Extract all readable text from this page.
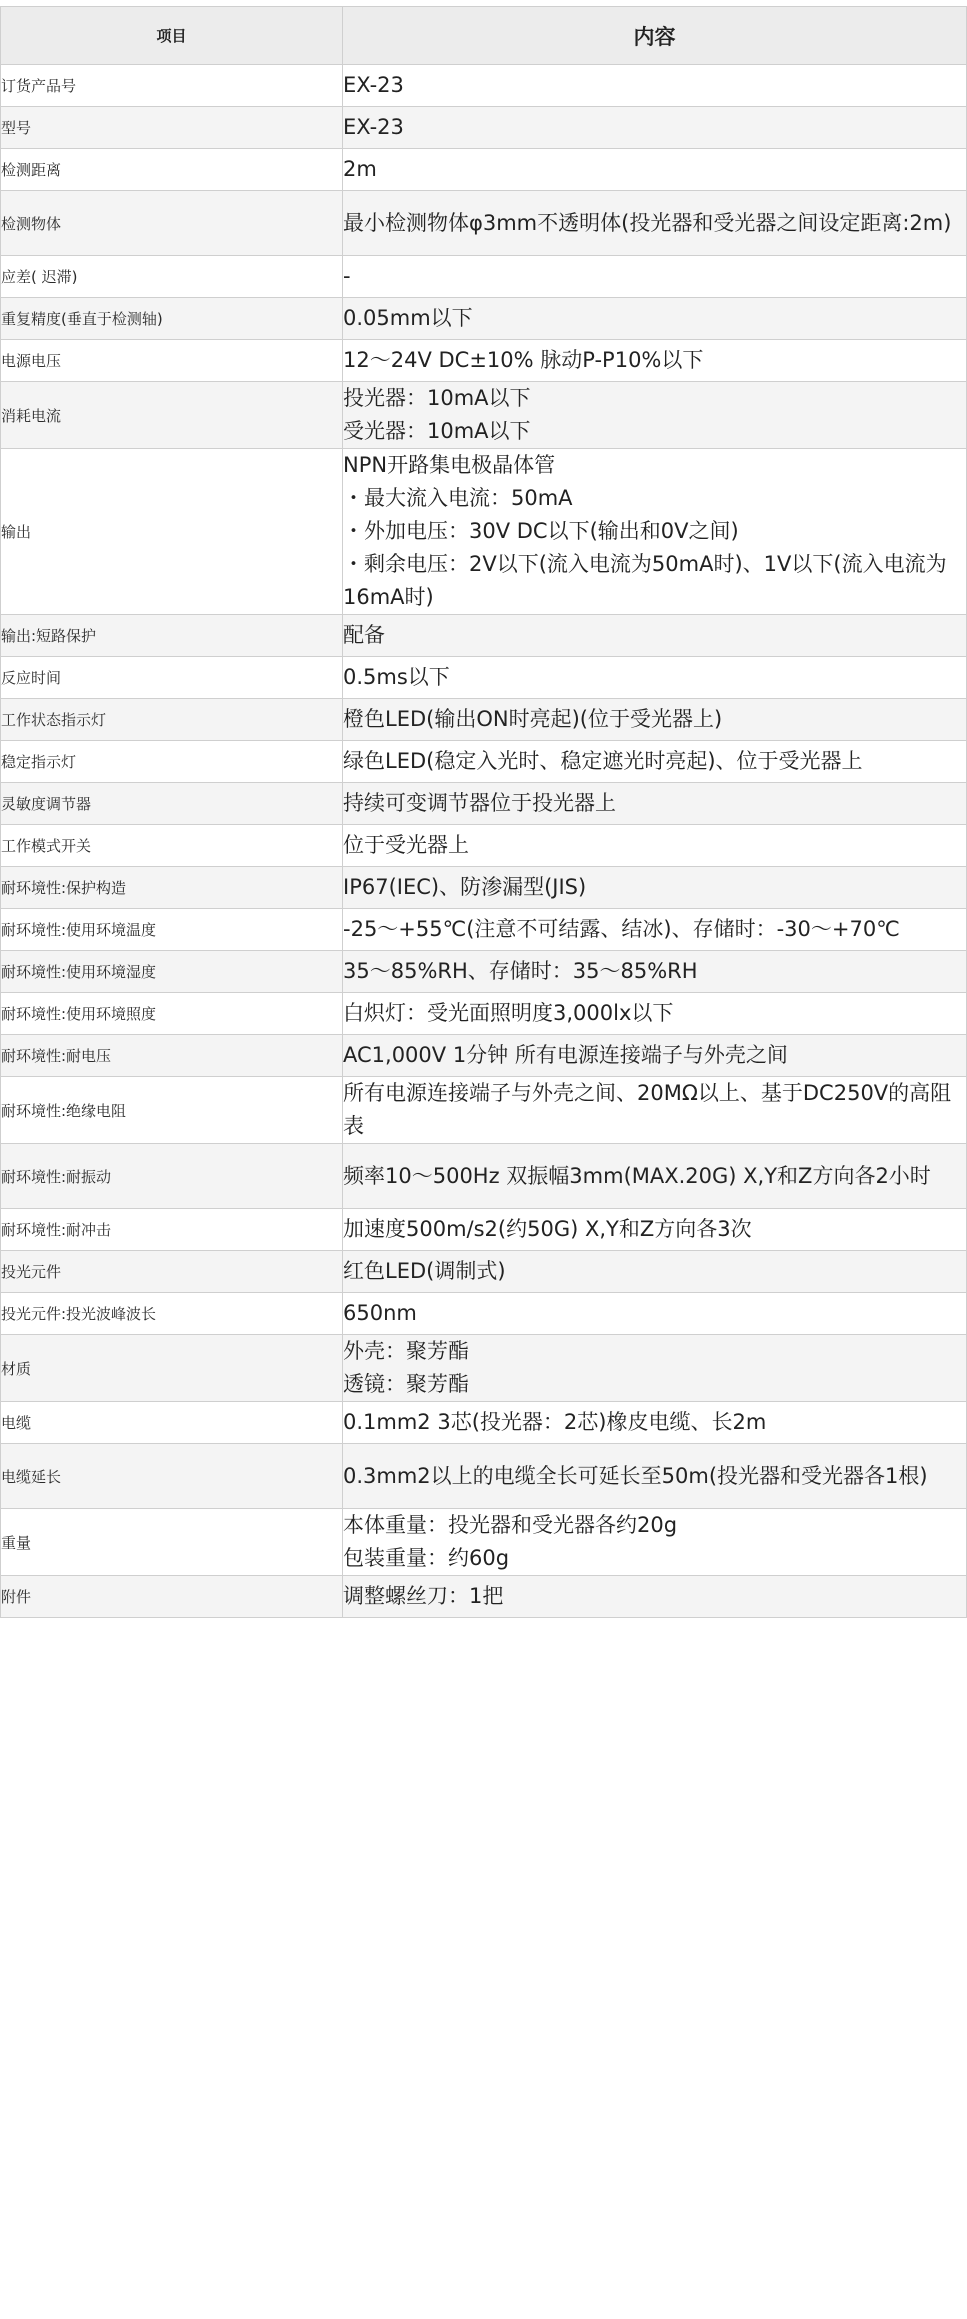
项目	内容
订货产品号	EX-23

型号	EX-23

检测距离	2m

检测物体	最小检测物体φ3mm不透明体(投光器和受光器之间设定距离:2m)

应差( 迟滞)	-

重复精度(垂直于检测轴)	0.05mm以下

电源电压	12～24V DC±10% 脉动P-P10%以下

消耗电流	投光器：10mA以下
受光器：10mA以下

输出	NPN开路集电极晶体管
・最大流入电流：50mA
・外加电压：30V DC以下(输出和0V之间)
・剩余电压：2V以下(流入电流为50mA时)、1V以下(流入电流为16mA时)

输出:短路保护	配备

反应时间	0.5ms以下

工作状态指示灯	橙色LED(输出ON时亮起)(位于受光器上)

稳定指示灯	绿色LED(稳定入光时、稳定遮光时亮起)、位于受光器上

灵敏度调节器	持续可变调节器位于投光器上

工作模式开关	位于受光器上

耐环境性:保护构造	IP67(IEC)、防渗漏型(JIS)

耐环境性:使用环境温度	-25～+55℃(注意不可结露、结冰)、存储时：-30～+70℃

耐环境性:使用环境湿度	35～85%RH、存储时：35～85%RH

耐环境性:使用环境照度	白炽灯：受光面照明度3,000lx以下

耐环境性:耐电压	AC1,000V 1分钟 所有电源连接端子与外壳之间

耐环境性:绝缘电阻	所有电源连接端子与外壳之间、20MΩ以上、基于DC250V的高阻表

耐环境性:耐振动	频率10～500Hz 双振幅3mm(MAX.20G) X,Y和Z方向各2小时

耐环境性:耐冲击	加速度500m/s2(约50G) X,Y和Z方向各3次

投光元件	红色LED(调制式)

投光元件:投光波峰波长	650nm

材质	外壳：聚芳酯
透镜：聚芳酯

电缆	0.1mm2 3芯(投光器：2芯)橡皮电缆、长2m

电缆延长	0.3mm2以上的电缆全长可延长至50m(投光器和受光器各1根)

重量	本体重量：投光器和受光器各约20g
包装重量：约60g

附件	调整螺丝刀：1把
